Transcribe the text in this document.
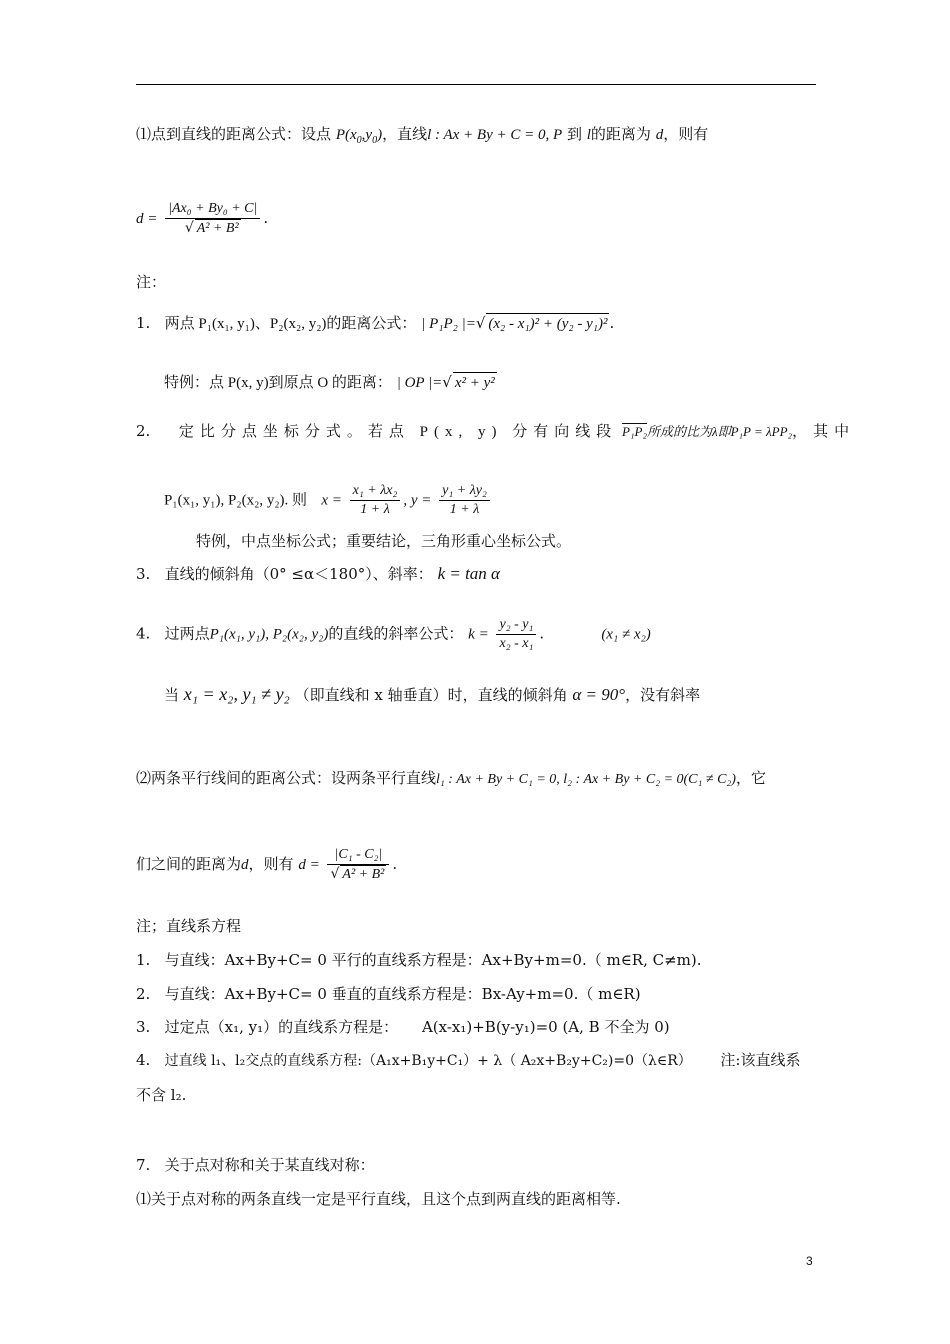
⑴点到直线的距离公式：设点 $P(x_0,y_0)$，直线l : Ax + By + C = 0, P 到 l的距离为 d，则有
$d = \frac{\text{|Ax₀ + By₀ + C|}}{\text{√ A² + B²}}$ .
注：
1. 两点 P₁(x₁, y₁)、P₂(x₂, y₂)的距离公式： | P₁P₂ |=√ (x₂ - x₁)² + (y₂ - y₁)² .
特例：点 P(x, y)到原点 O 的距离： | OP |=√ x² + y²
2. 定比分点坐标分式。若点 P(x, y) 分有向线段 P₁P₂所成的比为λ即P₁P = λPP₂，其中
P₁(x₁, y₁), P₂(x₂, y₂). 则 $x = \frac{\text{x₁ + λx₂}}{1 + \lambda}$ , $y = \frac{\text{y₁ + λy₂}}{1 + \lambda}$
特例，中点坐标公式；重要结论，三角形重心坐标公式。
3. 直线的倾斜角（0° ≤α＜180°）、斜率： k = tan α
4. 过两点P₁(x₁, y₁), P₂(x₂, y₂)的直线的斜率公式： $k = \frac{\text{y₂ - y₁}}{\text{x₂ - x₁}}$ .	(x₁ ≠ x₂)
当 x₁ = x₂, y₁ ≠ y₂ （即直线和 x 轴垂直）时，直线的倾斜角 α = 90°，没有斜率
⑵两条平行线间的距离公式：设两条平行直线l₁ : Ax + By + C₁ = 0, l₂ : Ax + By + C₂ = 0(C₁ ≠ C₂)，它
们之间的距离为d，则有 $d = \frac{\text{|C₁ - C₂|}}{\text{√ A² + B²}}$ .
注；直线系方程
1. 与直线：Ax+By+C= 0 平行的直线系方程是：Ax+By+m=0.（ m∈R, C≠m).
2. 与直线：Ax+By+C= 0 垂直的直线系方程是：Bx-Ay+m=0.（ m∈R)
3. 过定点（x₁, y₁）的直线系方程是： A(x-x₁)+B(y-y₁)=0 (A, B 不全为 0)
4. 过直线 l₁、l₂交点的直线系方程:（A₁x+B₁y+C₁）+ λ（ A₂x+B₂y+C₂)=0（λ∈R） 注:该直线系
不含 l₂.
7. 关于点对称和关于某直线对称：
⑴关于点对称的两条直线一定是平行直线，且这个点到两直线的距离相等.
3
